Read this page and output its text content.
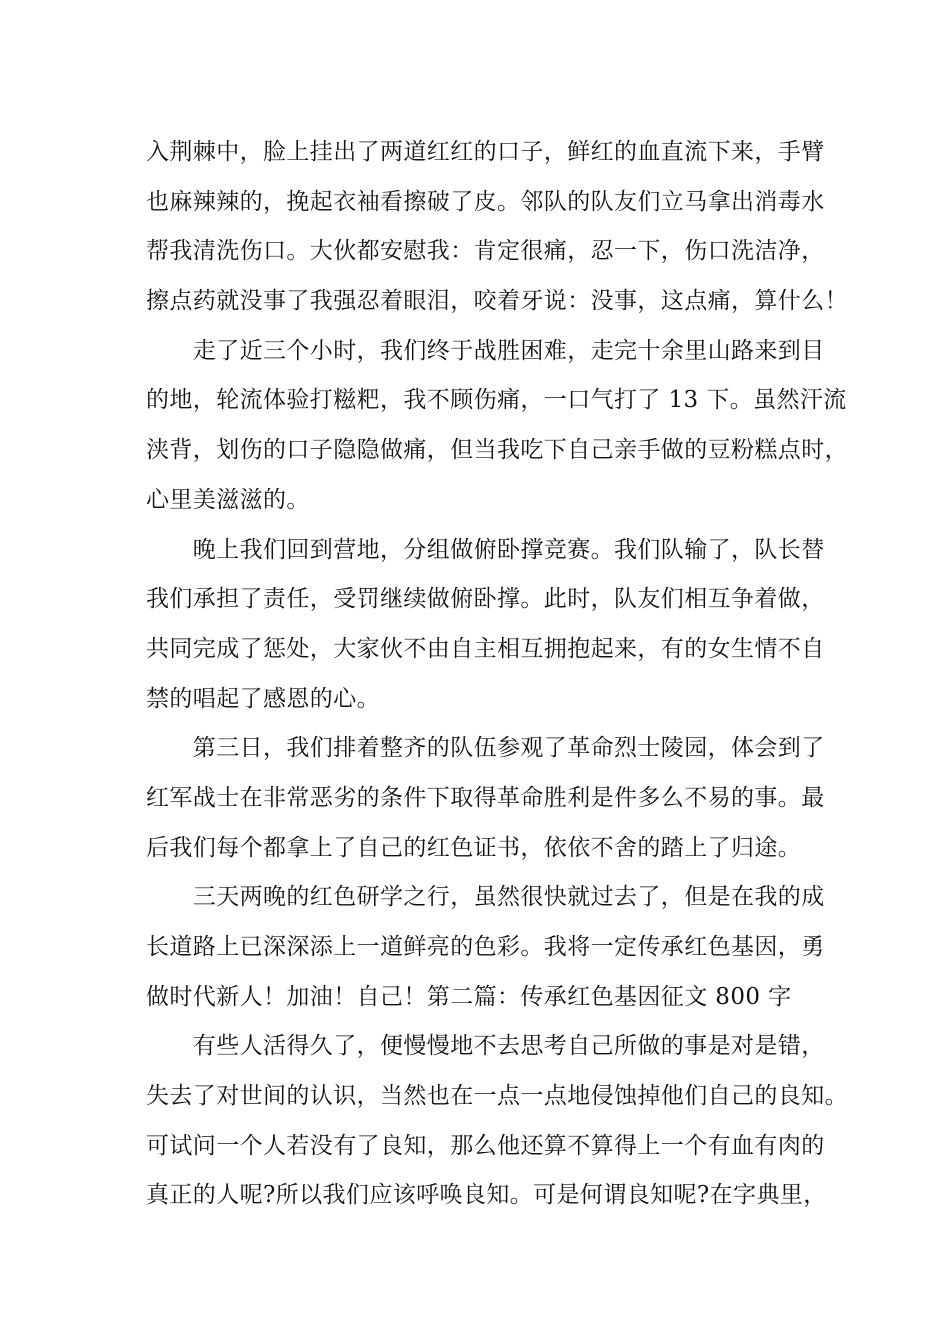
入荆棘中，脸上挂出了两道红红的口子，鲜红的血直流下来，手臂
也麻辣辣的，挽起衣袖看擦破了皮。邻队的队友们立马拿出消毒水
帮我清洗伤口。大伙都安慰我：肯定很痛，忍一下，伤口洗洁净，
擦点药就没事了我强忍着眼泪，咬着牙说：没事，这点痛，算什么！
　　走了近三个小时，我们终于战胜困难，走完十余里山路来到目
的地，轮流体验打糍粑，我不顾伤痛，一口气打了 13 下。虽然汗流
浃背，划伤的口子隐隐做痛，但当我吃下自己亲手做的豆粉糕点时，
心里美滋滋的。
　　晚上我们回到营地，分组做俯卧撑竞赛。我们队输了，队长替
我们承担了责任，受罚继续做俯卧撑。此时，队友们相互争着做，
共同完成了惩处，大家伙不由自主相互拥抱起来，有的女生情不自
禁的唱起了感恩的心。
　　第三日，我们排着整齐的队伍参观了革命烈士陵园，体会到了
红军战士在非常恶劣的条件下取得革命胜利是件多么不易的事。最
后我们每个都拿上了自己的红色证书，依依不舍的踏上了归途。
　　三天两晚的红色研学之行，虽然很快就过去了，但是在我的成
长道路上已深深添上一道鲜亮的色彩。我将一定传承红色基因，勇
做时代新人！加油！自己！第二篇：传承红色基因征文 800 字
　　有些人活得久了，便慢慢地不去思考自己所做的事是对是错，
失去了对世间的认识，当然也在一点一点地侵蚀掉他们自己的良知。
可试问一个人若没有了良知，那么他还算不算得上一个有血有肉的
真正的人呢?所以我们应该呼唤良知。可是何谓良知呢?在字典里，
